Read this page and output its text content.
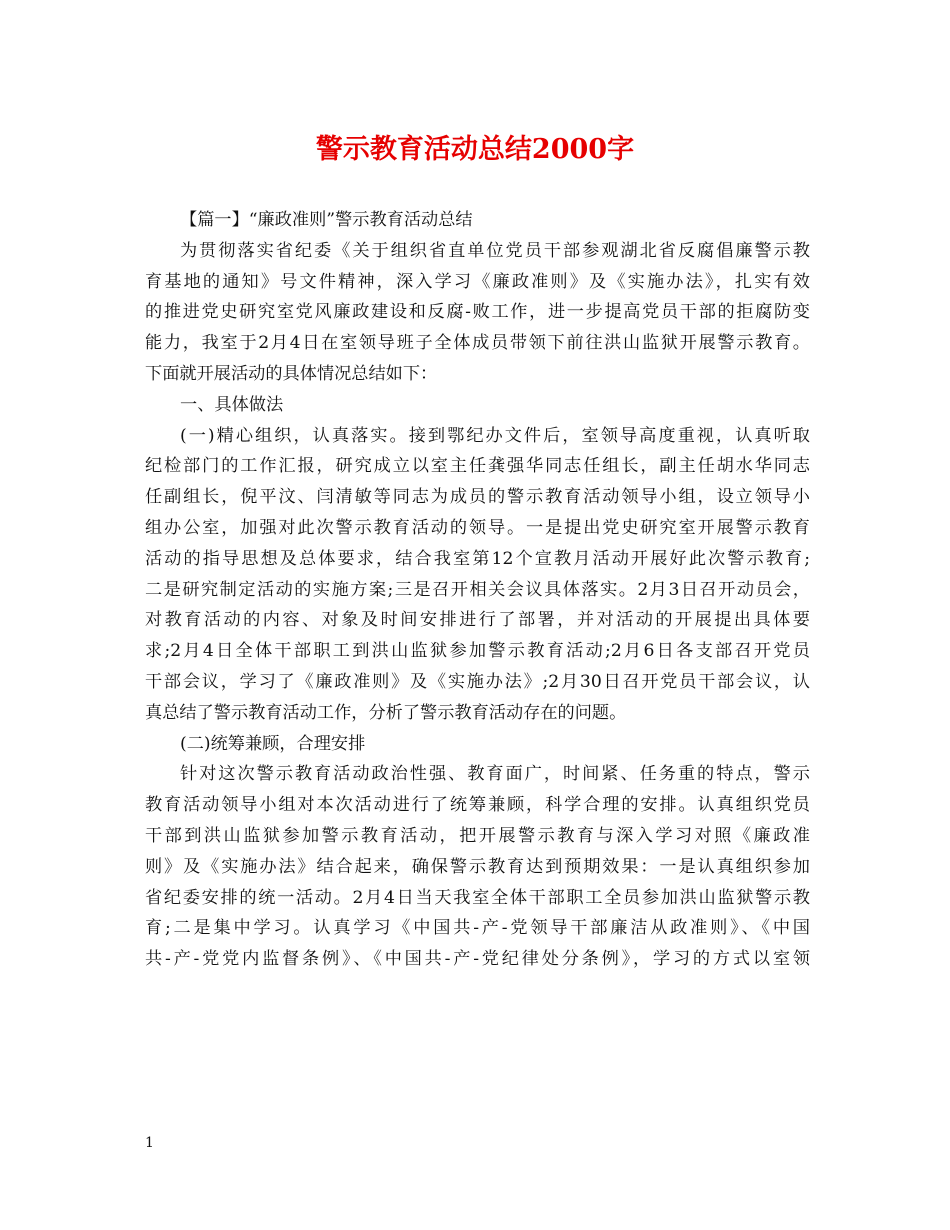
警示教育活动总结2000字
【篇一】“廉政准则”警示教育活动总结
为贯彻落实省纪委《关于组织省直单位党员干部参观湖北省反腐倡廉警示教
育基地的通知》号文件精神，深入学习《廉政准则》及《实施办法》，扎实有效
的推进党史研究室党风廉政建设和反腐-败工作，进一步提高党员干部的拒腐防变
能力，我室于2月4日在室领导班子全体成员带领下前往洪山监狱开展警示教育。
下面就开展活动的具体情况总结如下：
一、具体做法
(一)精心组织，认真落实。接到鄂纪办文件后，室领导高度重视，认真听取
纪检部门的工作汇报，研究成立以室主任龚强华同志任组长，副主任胡水华同志
任副组长，倪平汶、闫清敏等同志为成员的警示教育活动领导小组，设立领导小
组办公室，加强对此次警示教育活动的领导。一是提出党史研究室开展警示教育
活动的指导思想及总体要求，结合我室第12个宣教月活动开展好此次警示教育;
二是研究制定活动的实施方案;三是召开相关会议具体落实。2月3日召开动员会，
对教育活动的内容、对象及时间安排进行了部署，并对活动的开展提出具体要
求;2月4日全体干部职工到洪山监狱参加警示教育活动;2月6日各支部召开党员
干部会议，学习了《廉政准则》及《实施办法》;2月30日召开党员干部会议，认
真总结了警示教育活动工作，分析了警示教育活动存在的问题。
(二)统筹兼顾，合理安排
针对这次警示教育活动政治性强、教育面广，时间紧、任务重的特点，警示
教育活动领导小组对本次活动进行了统筹兼顾，科学合理的安排。认真组织党员
干部到洪山监狱参加警示教育活动，把开展警示教育与深入学习对照《廉政准
则》及《实施办法》结合起来，确保警示教育达到预期效果：一是认真组织参加
省纪委安排的统一活动。2月4日当天我室全体干部职工全员参加洪山监狱警示教
育;二是集中学习。认真学习《中国共-产-党领导干部廉洁从政准则》、《中国
共-产-党党内监督条例》、《中国共-产-党纪律处分条例》，学习的方式以室领
1
